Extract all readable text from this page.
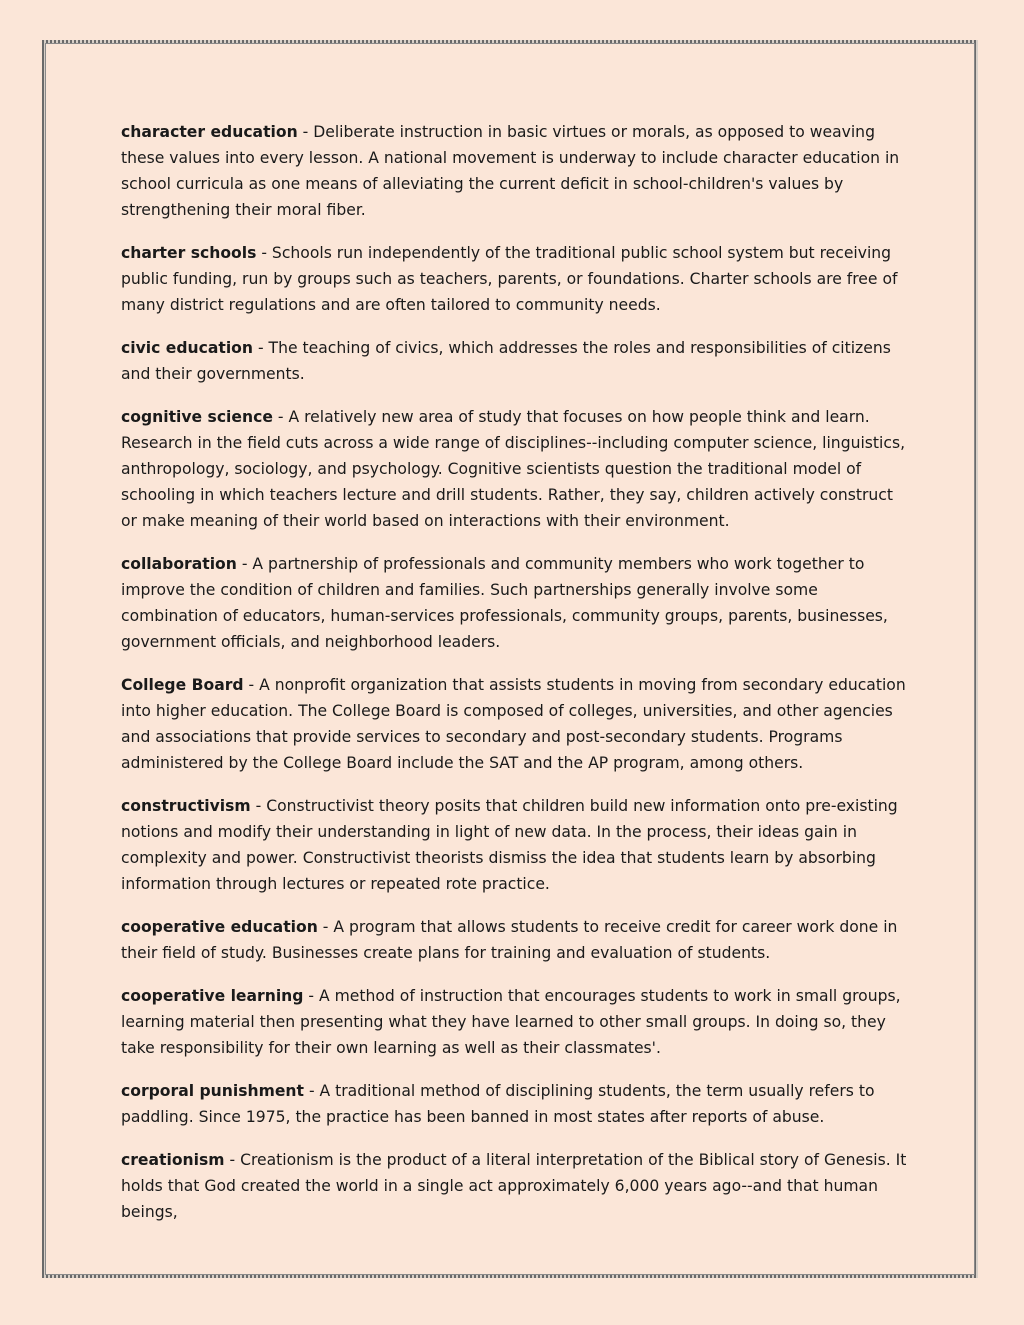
character education - Deliberate instruction in basic virtues or morals, as opposed to weaving these values into every lesson. A national movement is underway to include character education in school curricula as one means of alleviating the current deficit in school-children's values by strengthening their moral fiber.

charter schools - Schools run independently of the traditional public school system but receiving public funding, run by groups such as teachers, parents, or foundations. Charter schools are free of many district regulations and are often tailored to community needs.

civic education - The teaching of civics, which addresses the roles and responsibilities of citizens and their governments.

cognitive science - A relatively new area of study that focuses on how people think and learn. Research in the field cuts across a wide range of disciplines--including computer science, linguistics, anthropology, sociology, and psychology. Cognitive scientists question the traditional model of schooling in which teachers lecture and drill students. Rather, they say, children actively construct or make meaning of their world based on interactions with their environment.

collaboration - A partnership of professionals and community members who work together to improve the condition of children and families. Such partnerships generally involve some combination of educators, human-services professionals, community groups, parents, businesses, government officials, and neighborhood leaders.

College Board - A nonprofit organization that assists students in moving from secondary education into higher education. The College Board is composed of colleges, universities, and other agencies and associations that provide services to secondary and post-secondary students. Programs administered by the College Board include the SAT and the AP program, among others.

constructivism - Constructivist theory posits that children build new information onto pre-existing notions and modify their understanding in light of new data. In the process, their ideas gain in complexity and power. Constructivist theorists dismiss the idea that students learn by absorbing information through lectures or repeated rote practice.

cooperative education - A program that allows students to receive credit for career work done in their field of study. Businesses create plans for training and evaluation of students.

cooperative learning - A method of instruction that encourages students to work in small groups, learning material then presenting what they have learned to other small groups. In doing so, they take responsibility for their own learning as well as their classmates'.

corporal punishment - A traditional method of disciplining students, the term usually refers to paddling. Since 1975, the practice has been banned in most states after reports of abuse.

creationism - Creationism is the product of a literal interpretation of the Biblical story of Genesis. It holds that God created the world in a single act approximately 6,000 years ago--and that human beings,
